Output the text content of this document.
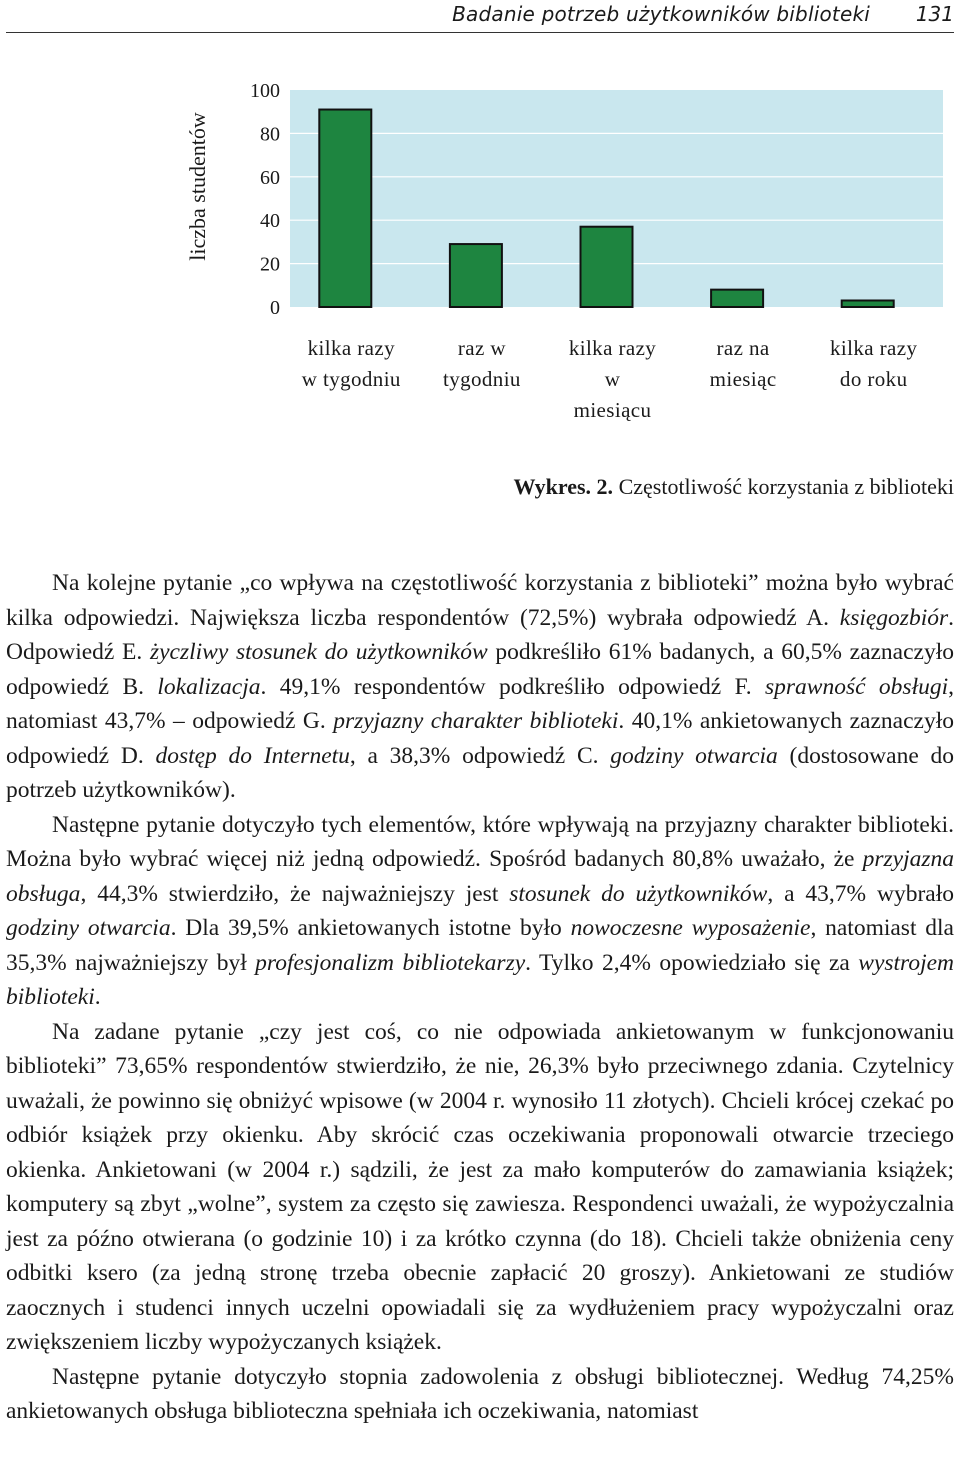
Badanie potrzeb użytkowników biblioteki 131
100
80
60
40
20
0
liczba studentów
kilka razy
w tygodniu
raz w
tygodniu
kilka razy
w
miesiącu
raz na
miesiąc
kilka razy
do roku
Wykres. 2. Częstotliwość korzystania z biblioteki

Na kolejne pytanie „co wpływa na częstotliwość korzystania z biblioteki” można było wybrać kilka odpowiedzi. Największa liczba respondentów (72,5%) wybrała odpowiedź A. księgozbiór. Odpowiedź E. życzliwy stosunek do użytkowników podkreśliło 61% badanych, a 60,5% zaznaczyło odpowiedź B. lokalizacja. 49,1% respondentów podkreśliło odpowiedź F. sprawność obsługi, natomiast 43,7% – odpowiedź G. przyjazny charakter biblioteki. 40,1% ankietowanych zaznaczyło odpowiedź D. dostęp do Internetu, a 38,3% odpowiedź C. godziny otwarcia (dostosowane do potrzeb użytkowników).

Następne pytanie dotyczyło tych elementów, które wpływają na przyjazny charakter biblioteki. Można było wybrać więcej niż jedną odpowiedź. Spośród badanych 80,8% uważało, że przyjazna obsługa, 44,3% stwierdziło, że najważniejszy jest stosunek do użytkowników, a 43,7% wybrało godziny otwarcia. Dla 39,5% ankietowanych istotne było nowoczesne wyposażenie, natomiast dla 35,3% najważniejszy był profesjonalizm bibliotekarzy. Tylko 2,4% opowiedziało się za wystrojem biblioteki.

Na zadane pytanie „czy jest coś, co nie odpowiada ankietowanym w funkcjonowaniu biblioteki” 73,65% respondentów stwierdziło, że nie, 26,3% było przeciwnego zdania. Czytelnicy uważali, że powinno się obniżyć wpisowe (w 2004 r. wynosiło 11 złotych). Chcieli krócej czekać po odbiór książek przy okienku. Aby skrócić czas oczekiwania proponowali otwarcie trzeciego okienka. Ankietowani (w 2004 r.) sądzili, że jest za mało komputerów do zamawiania książek; komputery są zbyt „wolne”, system za często się zawiesza. Respondenci uważali, że wypożyczalnia jest za późno otwierana (o godzinie 10) i za krótko czynna (do 18). Chcieli także obniżenia ceny odbitki ksero (za jedną stronę trzeba obecnie zapłacić 20 groszy). Ankietowani ze studiów zaocznych i studenci innych uczelni opowiadali się za wydłużeniem pracy wypożyczalni oraz zwiększeniem liczby wypożyczanych książek.

Następne pytanie dotyczyło stopnia zadowolenia z obsługi bibliotecznej. Według 74,25% ankietowanych obsługa biblioteczna spełniała ich oczekiwania, natomiast
